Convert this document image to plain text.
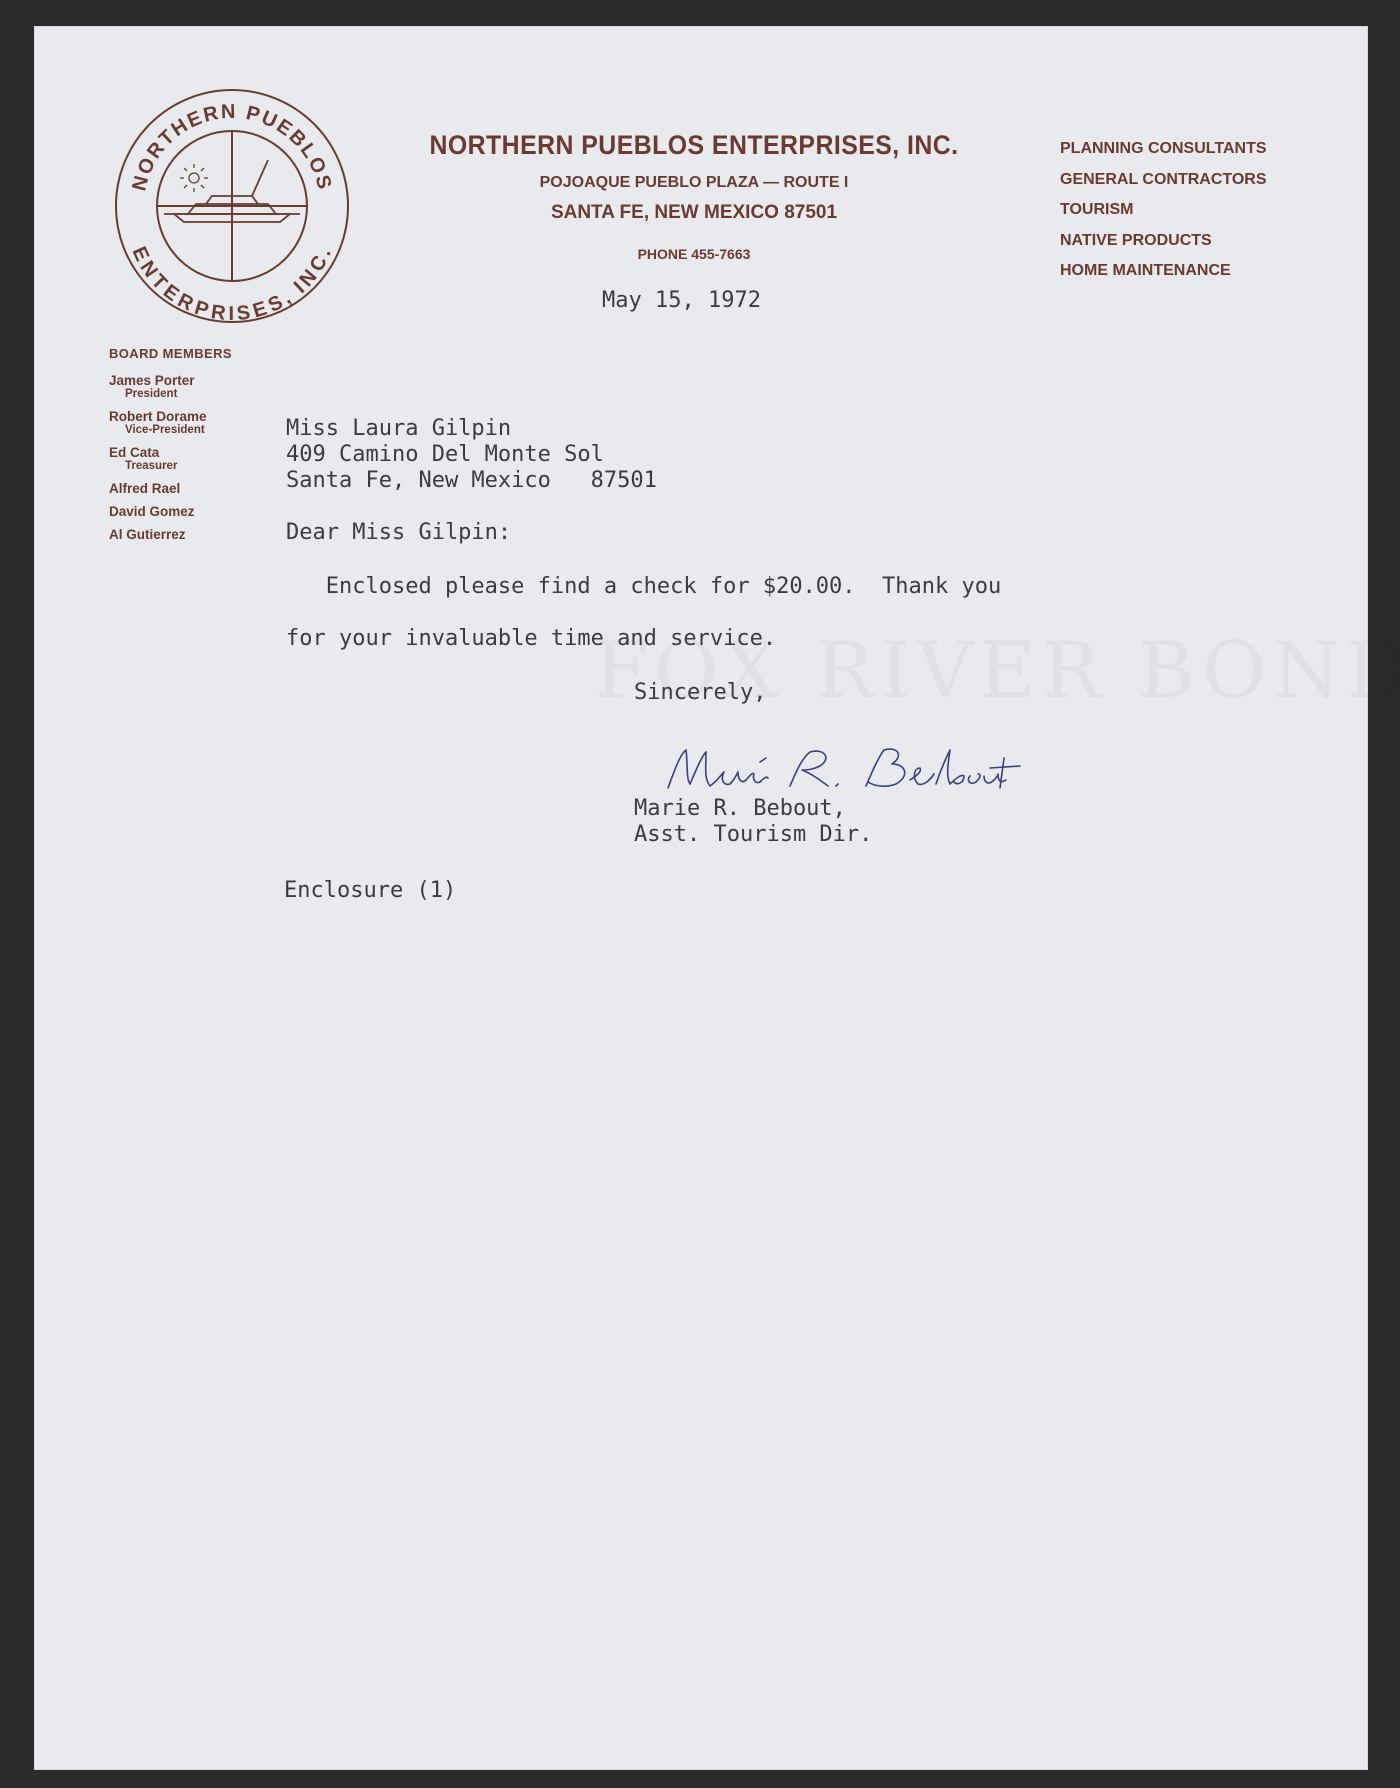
NORTHERN PUEBLOS
ENTERPRISES, INC.
NORTHERN PUEBLOS ENTERPRISES, INC.
POJOAQUE PUEBLO PLAZA — ROUTE I
SANTA FE, NEW MEXICO 87501
PHONE 455-7663
PLANNING CONSULTANTS
GENERAL CONTRACTORS
TOURISM
NATIVE PRODUCTS
HOME MAINTENANCE
BOARD MEMBERS
James Porter
President
Robert Dorame
Vice-President
Ed Cata
Treasurer
Alfred Rael
David Gomez
Al Gutierrez
May 15, 1972
Miss Laura Gilpin
409 Camino Del Monte Sol
Santa Fe, New Mexico   87501
Dear Miss Gilpin:
Enclosed please find a check for $20.00.  Thank you
for your invaluable time and service.
Sincerely,
Marie R. Bebout,
Asst. Tourism Dir.
Enclosure (1)
